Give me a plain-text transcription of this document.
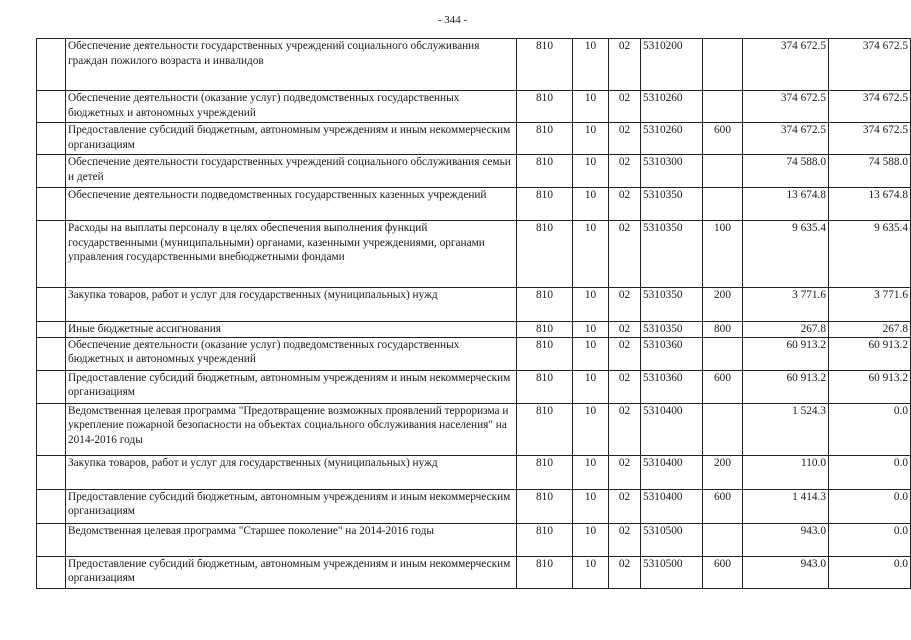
- 344 -
	Обеспечение деятельности государственных учреждений социального обслуживания граждан пожилого возраста и инвалидов	810	10	02	5310200		374 672.5	374 672.5
	Обеспечение деятельности (оказание услуг) подведомственных государственных бюджетных и автономных учреждений	810	10	02	5310260		374 672.5	374 672.5
	Предоставление субсидий бюджетным, автономным учреждениям и иным некоммерческим организациям	810	10	02	5310260	600	374 672.5	374 672.5
	Обеспечение деятельности государственных учреждений социального обслуживания семьи и детей	810	10	02	5310300		74 588.0	74 588.0
	Обеспечение деятельности подведомственных государственных казенных учреждений	810	10	02	5310350		13 674.8	13 674.8
	Расходы на выплаты персоналу в целях обеспечения выполнения функций государственными (муниципальными) органами, казенными учреждениями, органами управления государственными внебюджетными фондами	810	10	02	5310350	100	9 635.4	9 635.4
	Закупка товаров, работ и услуг для государственных (муниципальных) нужд	810	10	02	5310350	200	3 771.6	3 771.6
	Иные бюджетные ассигнования	810	10	02	5310350	800	267.8	267.8
	Обеспечение деятельности (оказание услуг) подведомственных государственных бюджетных и автономных учреждений	810	10	02	5310360		60 913.2	60 913.2
	Предоставление субсидий бюджетным, автономным учреждениям и иным некоммерческим организациям	810	10	02	5310360	600	60 913.2	60 913.2
	Ведомственная целевая программа "Предотвращение возможных проявлений терроризма и укрепление пожарной безопасности на объектах социального обслуживания населения" на 2014-2016 годы	810	10	02	5310400		1 524.3	0.0
	Закупка товаров, работ и услуг для государственных (муниципальных) нужд	810	10	02	5310400	200	110.0	0.0
	Предоставление субсидий бюджетным, автономным учреждениям и иным некоммерческим организациям	810	10	02	5310400	600	1 414.3	0.0
	Ведомственная целевая программа "Старшее поколение" на 2014-2016 годы	810	10	02	5310500		943.0	0.0
	Предоставление субсидий бюджетным, автономным учреждениям и иным некоммерческим организациям	810	10	02	5310500	600	943.0	0.0
